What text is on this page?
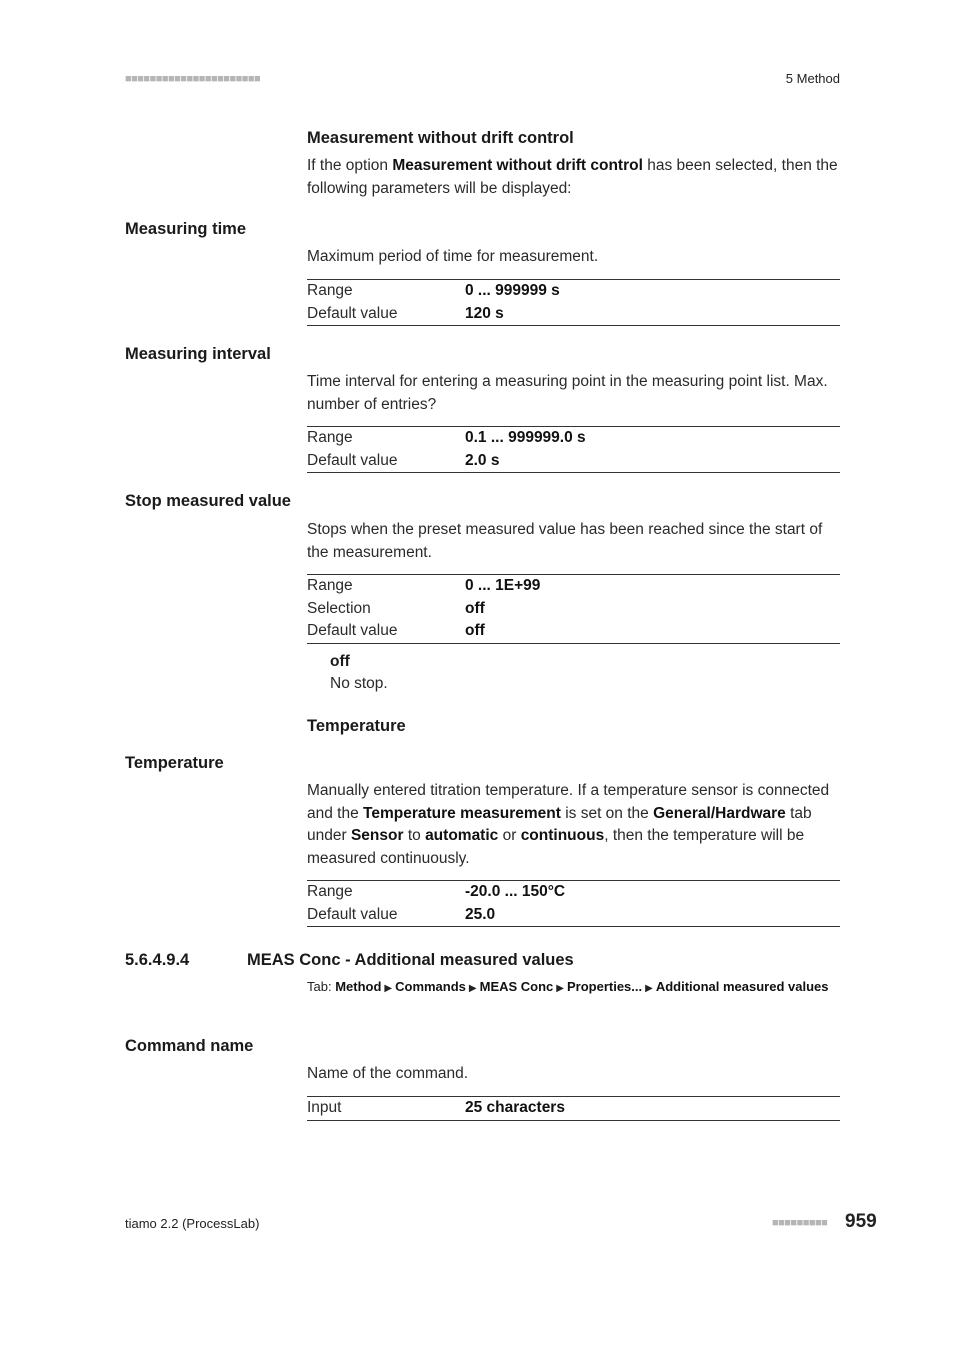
■■■■■■■■■■■■■■■■■■■■■■	5 Method
Measurement without drift control
If the option Measurement without drift control has been selected, then the following parameters will be displayed:
Measuring time
Maximum period of time for measurement.
Range	0 ... 999999 s
Default value	120 s
Measuring interval
Time interval for entering a measuring point in the measuring point list. Max. number of entries?
Range	0.1 ... 999999.0 s
Default value	2.0 s
Stop measured value
Stops when the preset measured value has been reached since the start of the measurement.
Range	0 ... 1E+99
Selection	off
Default value	off
off
No stop.
Temperature
Temperature
Manually entered titration temperature. If a temperature sensor is connected and the Temperature measurement is set on the General/Hardware tab under Sensor to automatic or continuous, then the temperature will be measured continuously.
Range	-20.0 ... 150°C
Default value	25.0
5.6.4.9.4	MEAS Conc - Additional measured values
Tab: Method ▶ Commands ▶ MEAS Conc ▶ Properties... ▶ Additional measured values
Command name
Name of the command.
Input	25 characters
tiamo 2.2 (ProcessLab)	■■■■■■■■■ 959
